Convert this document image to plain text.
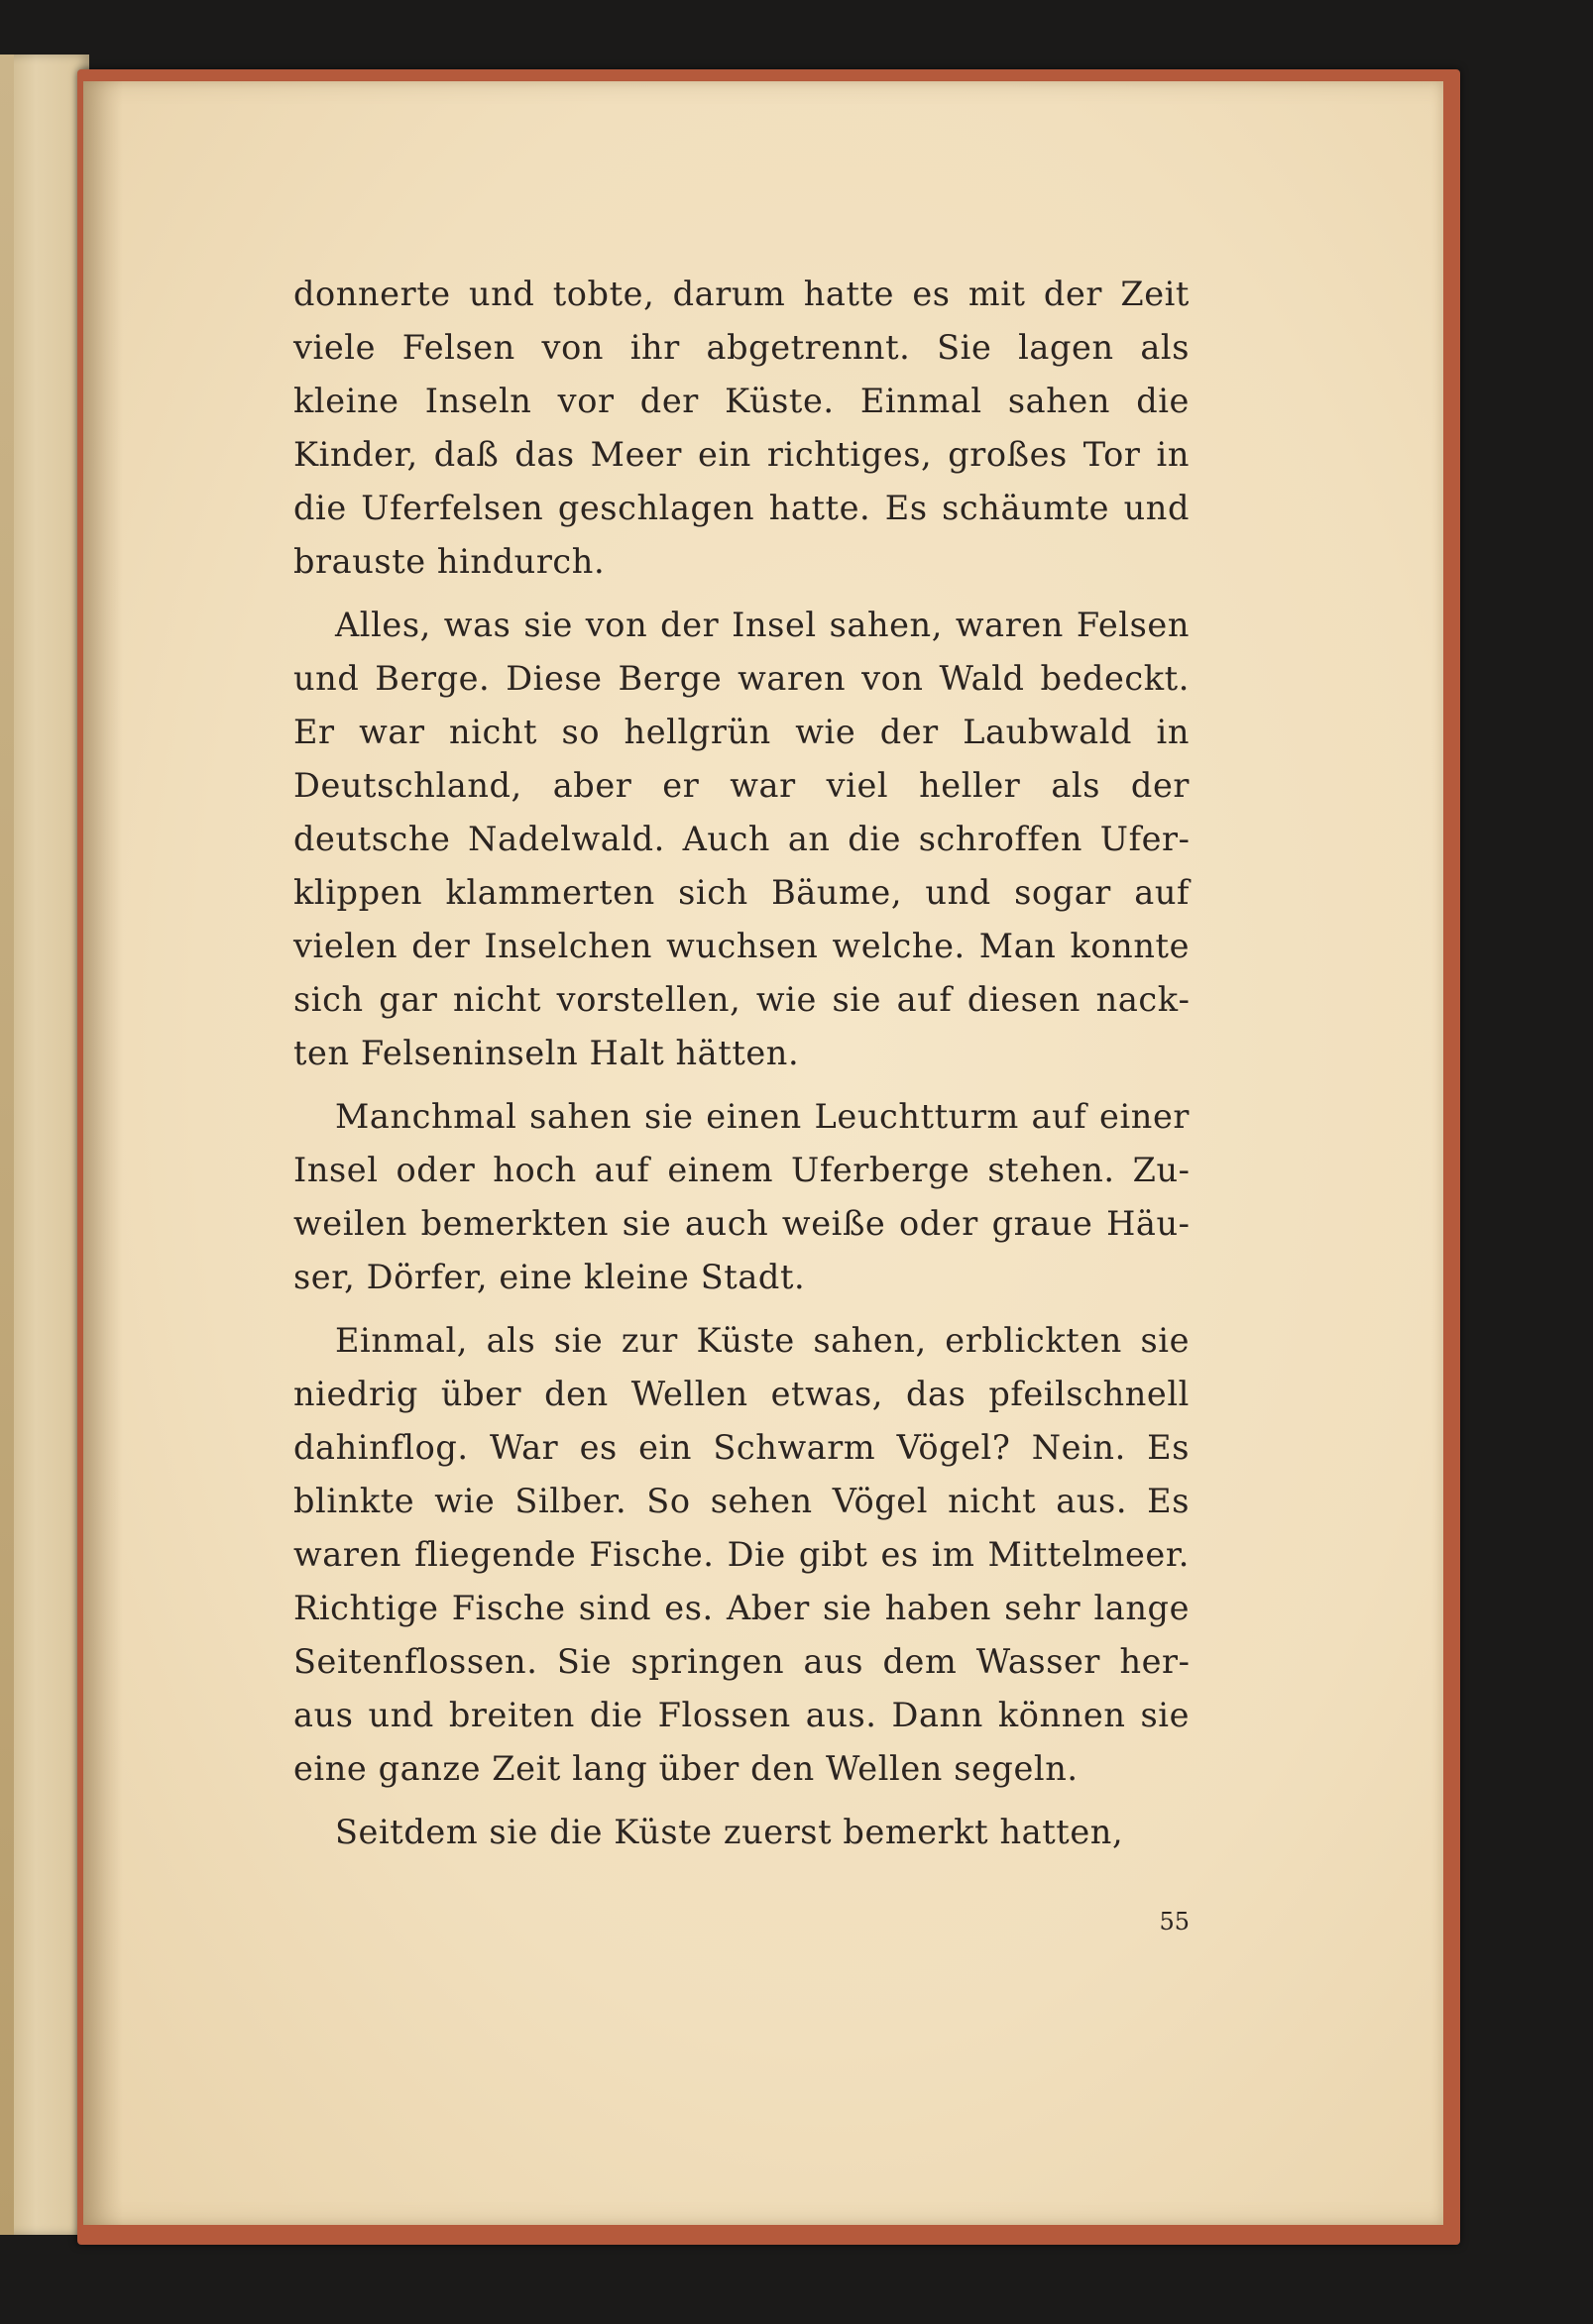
donnerte und tobte, darum hatte es mit der Zeit viele Felsen von ihr abgetrennt. Sie lagen als kleine Inseln vor der Küste. Einmal sahen die Kinder, daß das Meer ein richtiges, großes Tor in die Uferfelsen geschlagen hatte. Es schäumte und brauste hindurch.

Alles, was sie von der Insel sahen, waren Felsen und Berge. Diese Berge waren von Wald bedeckt. Er war nicht so hellgrün wie der Laubwald in Deutschland, aber er war viel heller als der deutsche Nadelwald. Auch an die schroffen Uferklippen klammerten sich Bäume, und sogar auf vielen der Inselchen wuchsen welche. Man konnte sich gar nicht vorstellen, wie sie auf diesen nackten Felseninseln Halt hätten.

Manchmal sahen sie einen Leuchtturm auf einer Insel oder hoch auf einem Uferberge stehen. Zuweilen bemerkten sie auch weiße oder graue Häuser, Dörfer, eine kleine Stadt.

Einmal, als sie zur Küste sahen, erblickten sie niedrig über den Wellen etwas, das pfeilschnell dahinflog. War es ein Schwarm Vögel? Nein. Es blinkte wie Silber. So sehen Vögel nicht aus. Es waren fliegende Fische. Die gibt es im Mittelmeer. Richtige Fische sind es. Aber sie haben sehr lange Seitenflossen. Sie springen aus dem Wasser heraus und breiten die Flossen aus. Dann können sie eine ganze Zeit lang über den Wellen segeln.

Seitdem sie die Küste zuerst bemerkt hatten,

55
